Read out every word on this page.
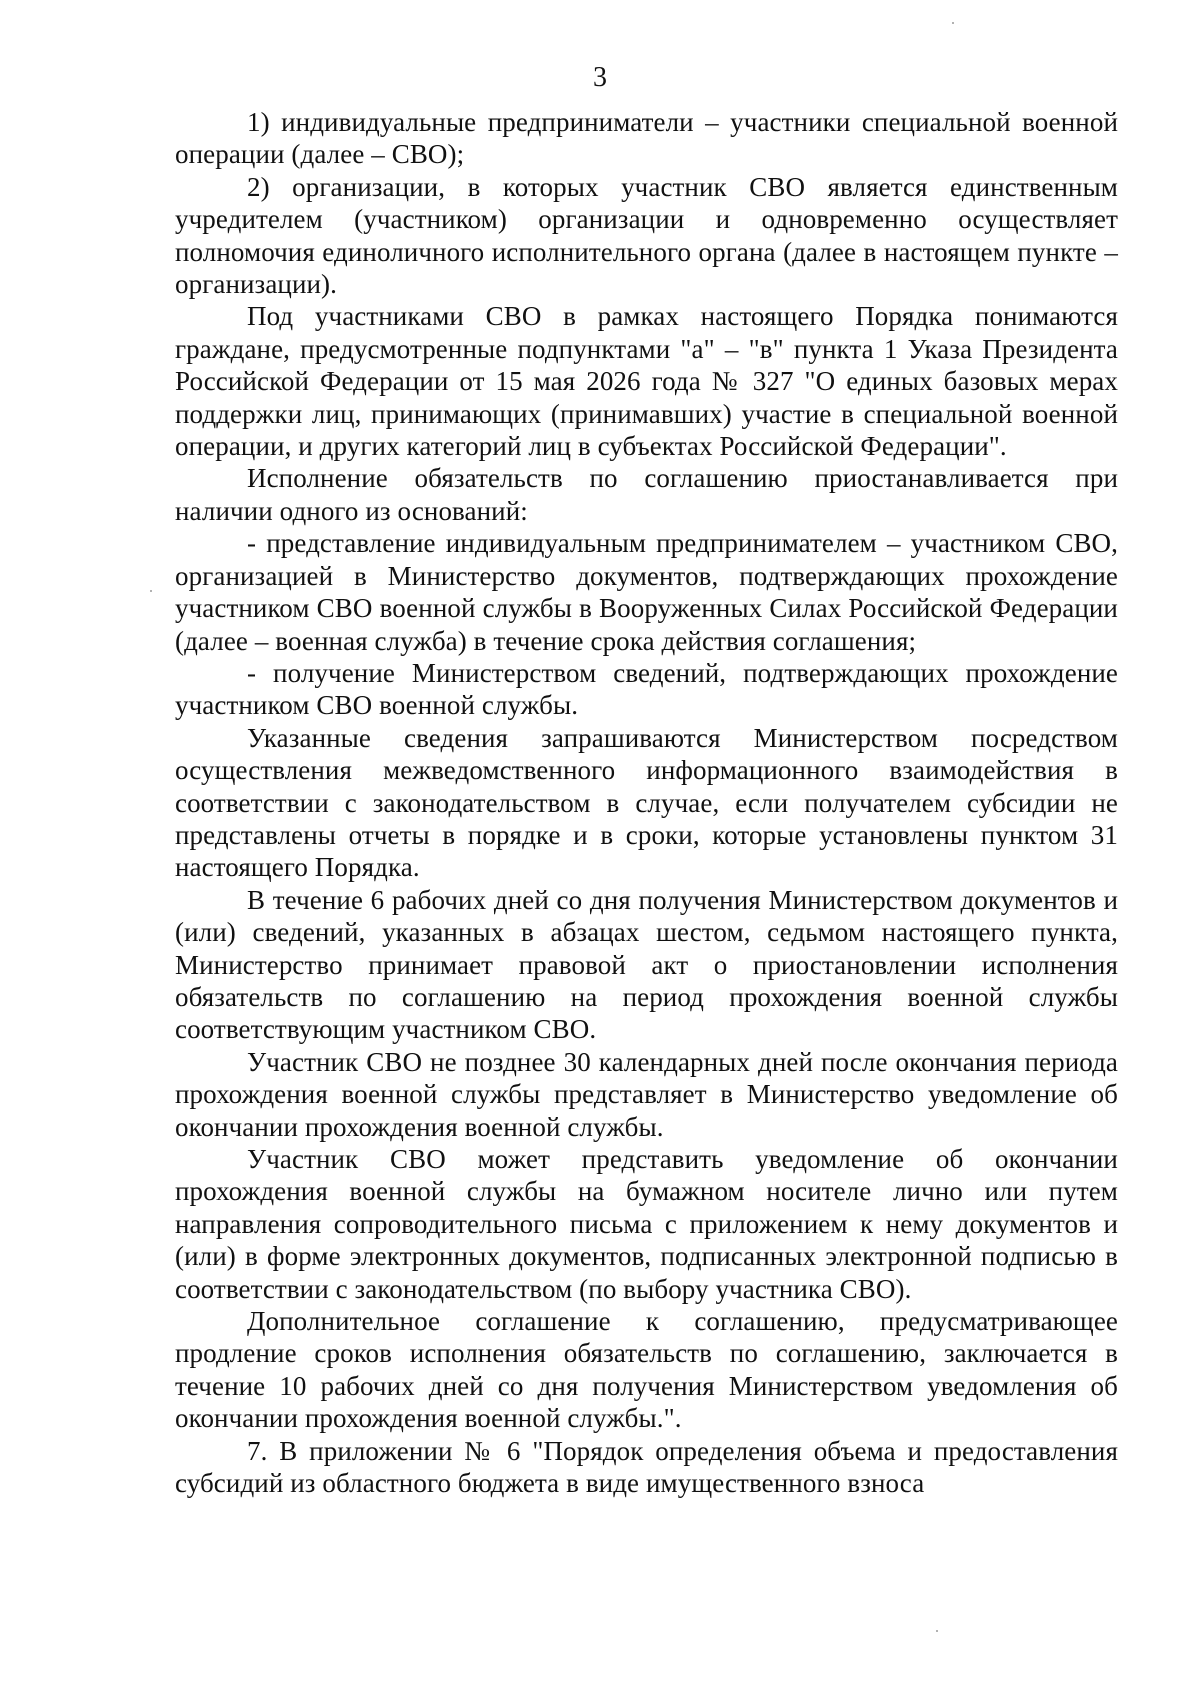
3

1) индивидуальные предприниматели – участники специальной военной операции (далее – СВО);

2) организации, в которых участник СВО является единственным учредителем (участником) организации и одновременно осуществляет полномочия единоличного исполнительного органа (далее в настоящем пункте – организации).

Под участниками СВО в рамках настоящего Порядка понимаются граждане, предусмотренные подпунктами "а" – "в" пункта 1 Указа Президента Российской Федерации от 15 мая 2026 года № 327 "О единых базовых мерах поддержки лиц, принимающих (принимавших) участие в специальной военной операции, и других категорий лиц в субъектах Российской Федерации".

Исполнение обязательств по соглашению приостанавливается при наличии одного из оснований:

- представление индивидуальным предпринимателем – участником СВО, организацией в Министерство документов, подтверждающих прохождение участником СВО военной службы в Вооруженных Силах Российской Федерации (далее – военная служба) в течение срока действия соглашения;

- получение Министерством сведений, подтверждающих прохождение участником СВО военной службы.

Указанные сведения запрашиваются Министерством посредством осуществления межведомственного информационного взаимодействия в соответствии с законодательством в случае, если получателем субсидии не представлены отчеты в порядке и в сроки, которые установлены пунктом 31 настоящего Порядка.

В течение 6 рабочих дней со дня получения Министерством документов и (или) сведений, указанных в абзацах шестом, седьмом настоящего пункта, Министерство принимает правовой акт о приостановлении исполнения обязательств по соглашению на период прохождения военной службы соответствующим участником СВО.

Участник СВО не позднее 30 календарных дней после окончания периода прохождения военной службы представляет в Министерство уведомление об окончании прохождения военной службы.

Участник СВО может представить уведомление об окончании прохождения военной службы на бумажном носителе лично или путем направления сопроводительного письма с приложением к нему документов и (или) в форме электронных документов, подписанных электронной подписью в соответствии с законодательством (по выбору участника СВО).

Дополнительное соглашение к соглашению, предусматривающее продление сроков исполнения обязательств по соглашению, заключается в течение 10 рабочих дней со дня получения Министерством уведомления об окончании прохождения военной службы.".

7. В приложении № 6 "Порядок определения объема и предоставления субсидий из областного бюджета в виде имущественного взноса
